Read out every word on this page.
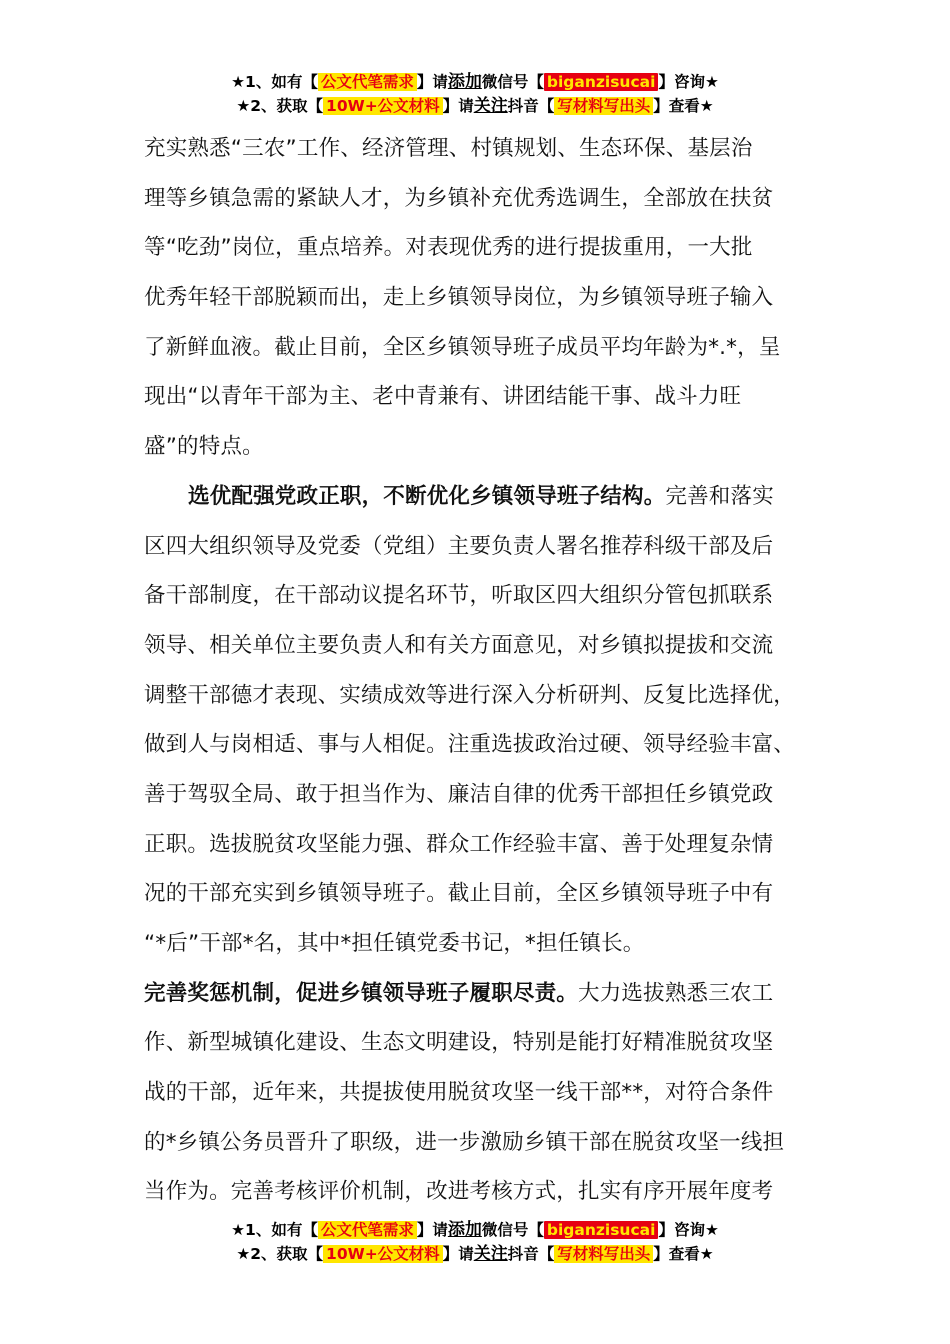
★1、如有【 公文代笔需求 】请添加微信号【 biganzisucai 】咨询★
★2、获取【 10W+公文材料 】请关注抖音【 写材料写出头 】查看★
充实熟悉“三农”工作、经济管理、村镇规划、生态环保、基层治
理等乡镇急需的紧缺人才，为乡镇补充优秀选调生，全部放在扶贫
等“吃劲”岗位，重点培养。对表现优秀的进行提拔重用，一大批
优秀年轻干部脱颖而出，走上乡镇领导岗位，为乡镇领导班子输入
了新鲜血液。截止目前，全区乡镇领导班子成员平均年龄为*.*，呈
现出“以青年干部为主、老中青兼有、讲团结能干事、战斗力旺
盛”的特点。
选优配强党政正职，不断优化乡镇领导班子结构。完善和落实
区四大组织领导及党委（党组）主要负责人署名推荐科级干部及后
备干部制度，在干部动议提名环节，听取区四大组织分管包抓联系
领导、相关单位主要负责人和有关方面意见，对乡镇拟提拔和交流
调整干部德才表现、实绩成效等进行深入分析研判、反复比选择优，
做到人与岗相适、事与人相促。注重选拔政治过硬、领导经验丰富、
善于驾驭全局、敢于担当作为、廉洁自律的优秀干部担任乡镇党政
正职。选拔脱贫攻坚能力强、群众工作经验丰富、善于处理复杂情
况的干部充实到乡镇领导班子。截止目前，全区乡镇领导班子中有
“*后”干部*名，其中*担任镇党委书记，*担任镇长。
完善奖惩机制，促进乡镇领导班子履职尽责。大力选拔熟悉三农工
作、新型城镇化建设、生态文明建设，特别是能打好精准脱贫攻坚
战的干部，近年来，共提拔使用脱贫攻坚一线干部**，对符合条件
的*乡镇公务员晋升了职级，进一步激励乡镇干部在脱贫攻坚一线担
当作为。完善考核评价机制，改进考核方式，扎实有序开展年度考
★1、如有【 公文代笔需求 】请添加微信号【 biganzisucai 】咨询★
★2、获取【 10W+公文材料 】请关注抖音【 写材料写出头 】查看★
